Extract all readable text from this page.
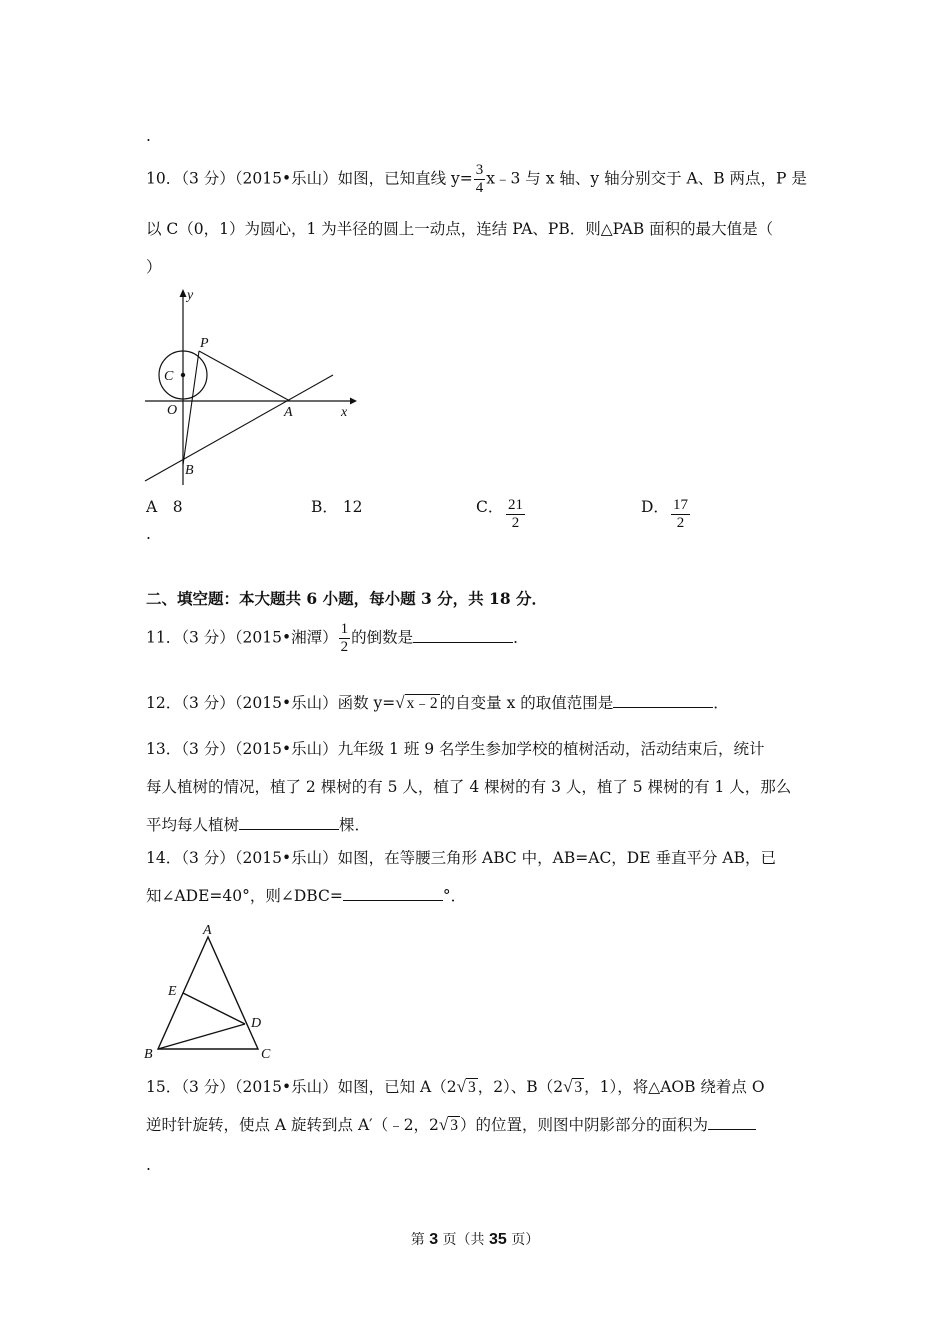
.
10．（3 分）（2015•乐山）如图，已知直线 $y= \frac{3}{4}$ x﹣3 与 x 轴、y 轴分别交于 A、B 两点，P 是
以 C（0，1）为圆心，1 为半径的圆上一动点，连结 PA、PB．则△PAB 面积的最大值是（
）
y
x
P
C
O	A
B
A　8
.
B． 12	C． $\frac{21}{2}$	D． $\frac{17}{2}$
二、填空题：本大题共 6 小题，每小题 3 分，共 18 分．
11．（3 分）（2015•湘潭） $\frac{1}{2}$ 的倒数是	．
12．（3 分）（2015•乐山）函数 y=√ x﹣2 的自变量 x 的取值范围是	．
13．（3 分）（2015•乐山）九年级 1 班 9 名学生参加学校的植树活动，活动结束后，统计
每人植树的情况，植了 2 棵树的有 5 人，植了 4 棵树的有 3 人，植了 5 棵树的有 1 人，那么
平均每人植树	棵．
14．（3 分）（2015•乐山）如图，在等腰三角形 ABC 中，AB=AC，DE 垂直平分 AB，已
知∠ADE=40°，则∠DBC=	°．
A
E
D
B	C
15．（3 分）（2015•乐山）如图，已知 A（2√ 3 ，2）、B（2√ 3 ，1），将△AOB 绕着点 O
逆时针旋转，使点 A 旋转到点 A′（﹣2，2√ 3 ）的位置，则图中阴影部分的面积为
.
第 3 页（共 35 页）
